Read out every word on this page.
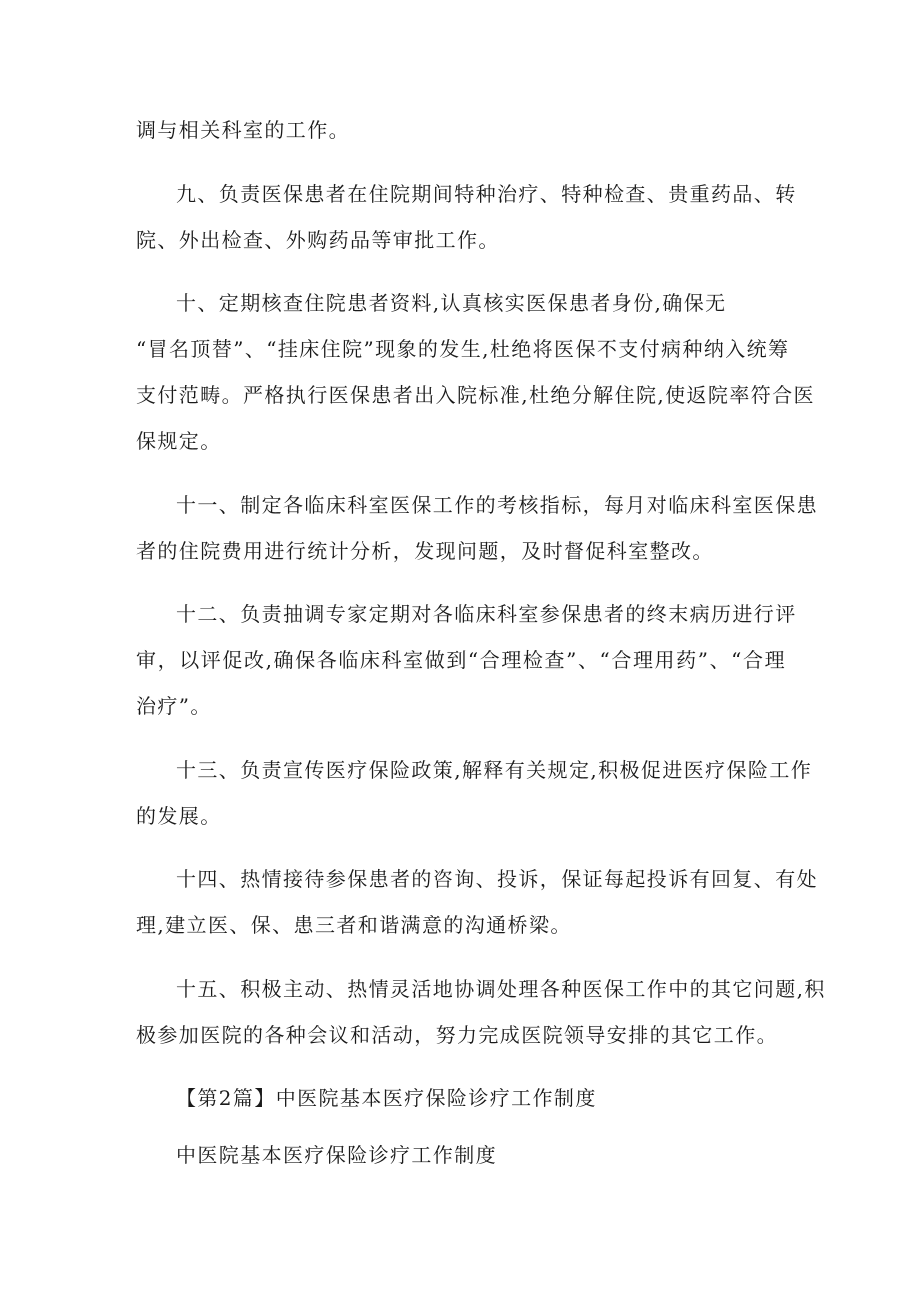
调与相关科室的工作。
九、负责医保患者在住院期间特种治疗、特种检查、贵重药品、转
院、外出检查、外购药品等审批工作。
十、定期核查住院患者资料,认真核实医保患者身份,确保无
“冒名顶替”、“挂床住院”现象的发生,杜绝将医保不支付病种纳入统筹
支付范畴。严格执行医保患者出入院标准,杜绝分解住院,使返院率符合医
保规定。
十一、制定各临床科室医保工作的考核指标，每月对临床科室医保患
者的住院费用进行统计分析，发现问题，及时督促科室整改。
十二、负责抽调专家定期对各临床科室参保患者的终末病历进行评
审，以评促改,确保各临床科室做到“合理检查”、“合理用药”、“合理
治疗”。
十三、负责宣传医疗保险政策,解释有关规定,积极促进医疗保险工作
的发展。
十四、热情接待参保患者的咨询、投诉，保证每起投诉有回复、有处
理,建立医、保、患三者和谐满意的沟通桥梁。
十五、积极主动、热情灵活地协调处理各种医保工作中的其它问题,积
极参加医院的各种会议和活动，努力完成医院领导安排的其它工作。
【第2篇】中医院基本医疗保险诊疗工作制度
中医院基本医疗保险诊疗工作制度
